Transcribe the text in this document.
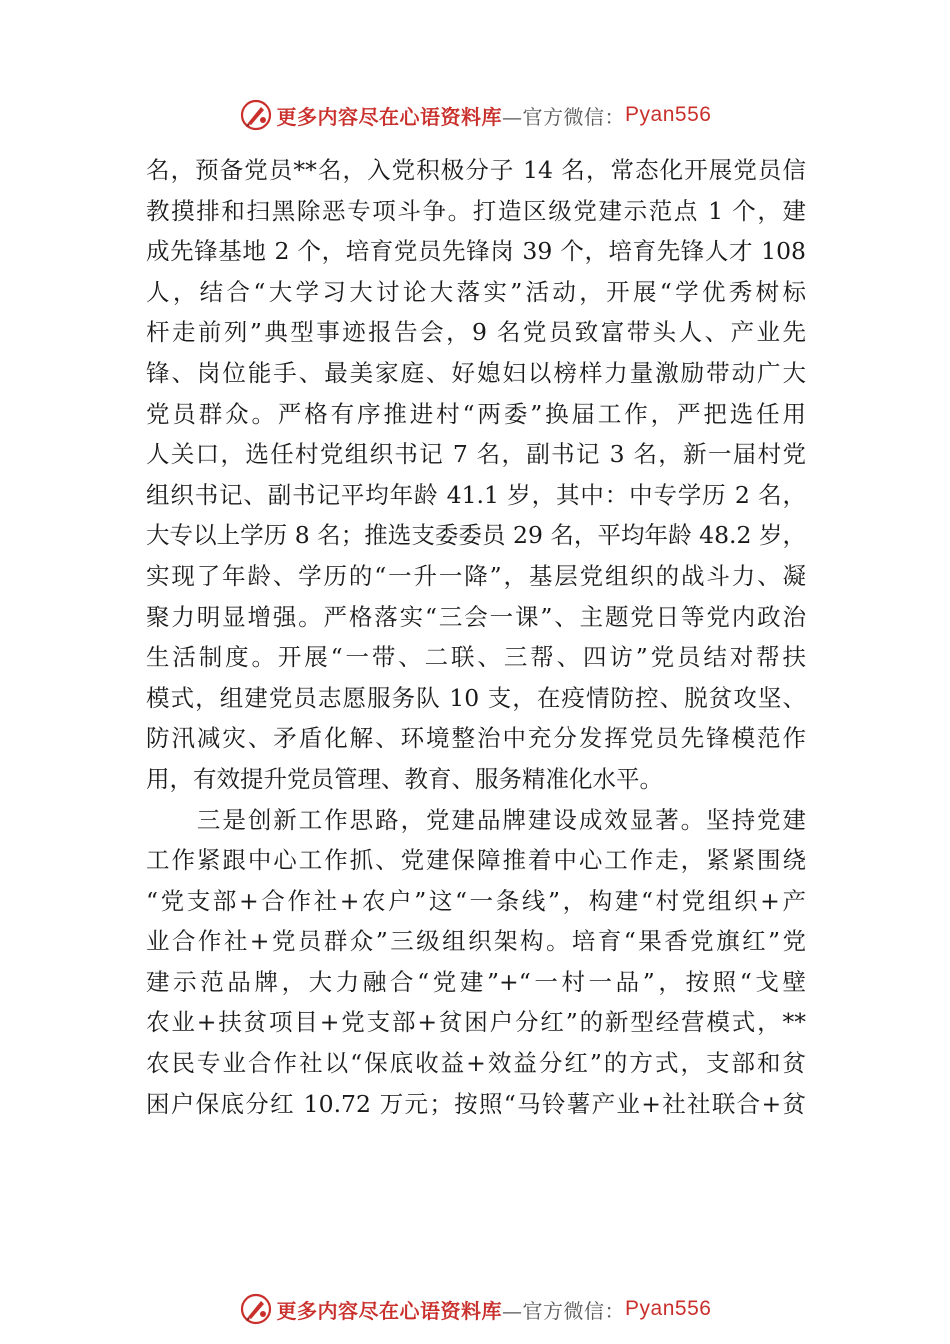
更多内容尽在心语资料库 —官方微信： Pyan556
名，预备党员**名，入党积极分子 14 名，常态化开展党员信
教摸排和扫黑除恶专项斗争。打造区级党建示范点 1 个，建
成先锋基地 2 个，培育党员先锋岗 39 个，培育先锋人才 108
人，结合“大学习大讨论大落实”活动，开展“学优秀树标
杆走前列”典型事迹报告会，9 名党员致富带头人、产业先
锋、岗位能手、最美家庭、好媳妇以榜样力量激励带动广大
党员群众。严格有序推进村“两委”换届工作，严把选任用
人关口，选任村党组织书记 7 名，副书记 3 名，新一届村党
组织书记、副书记平均年龄 41.1 岁，其中：中专学历 2 名，
大专以上学历 8 名；推选支委委员 29 名，平均年龄 48.2 岁，
实现了年龄、学历的“一升一降”，基层党组织的战斗力、凝
聚力明显增强。严格落实“三会一课”、主题党日等党内政治
生活制度。开展“一带、二联、三帮、四访”党员结对帮扶
模式，组建党员志愿服务队 10 支，在疫情防控、脱贫攻坚、
防汛减灾、矛盾化解、环境整治中充分发挥党员先锋模范作
用，有效提升党员管理、教育、服务精准化水平。
　　三是创新工作思路，党建品牌建设成效显著。坚持党建
工作紧跟中心工作抓、党建保障推着中心工作走，紧紧围绕
“党支部+合作社+农户”这“一条线”，构建“村党组织+产
业合作社+党员群众”三级组织架构。培育“果香党旗红”党
建示范品牌，大力融合“党建”+“一村一品”，按照“戈壁
农业+扶贫项目+党支部+贫困户分红”的新型经营模式，**
农民专业合作社以“保底收益+效益分红”的方式，支部和贫
困户保底分红 10.72 万元；按照“马铃薯产业+社社联合+贫
更多内容尽在心语资料库 —官方微信： Pyan556
